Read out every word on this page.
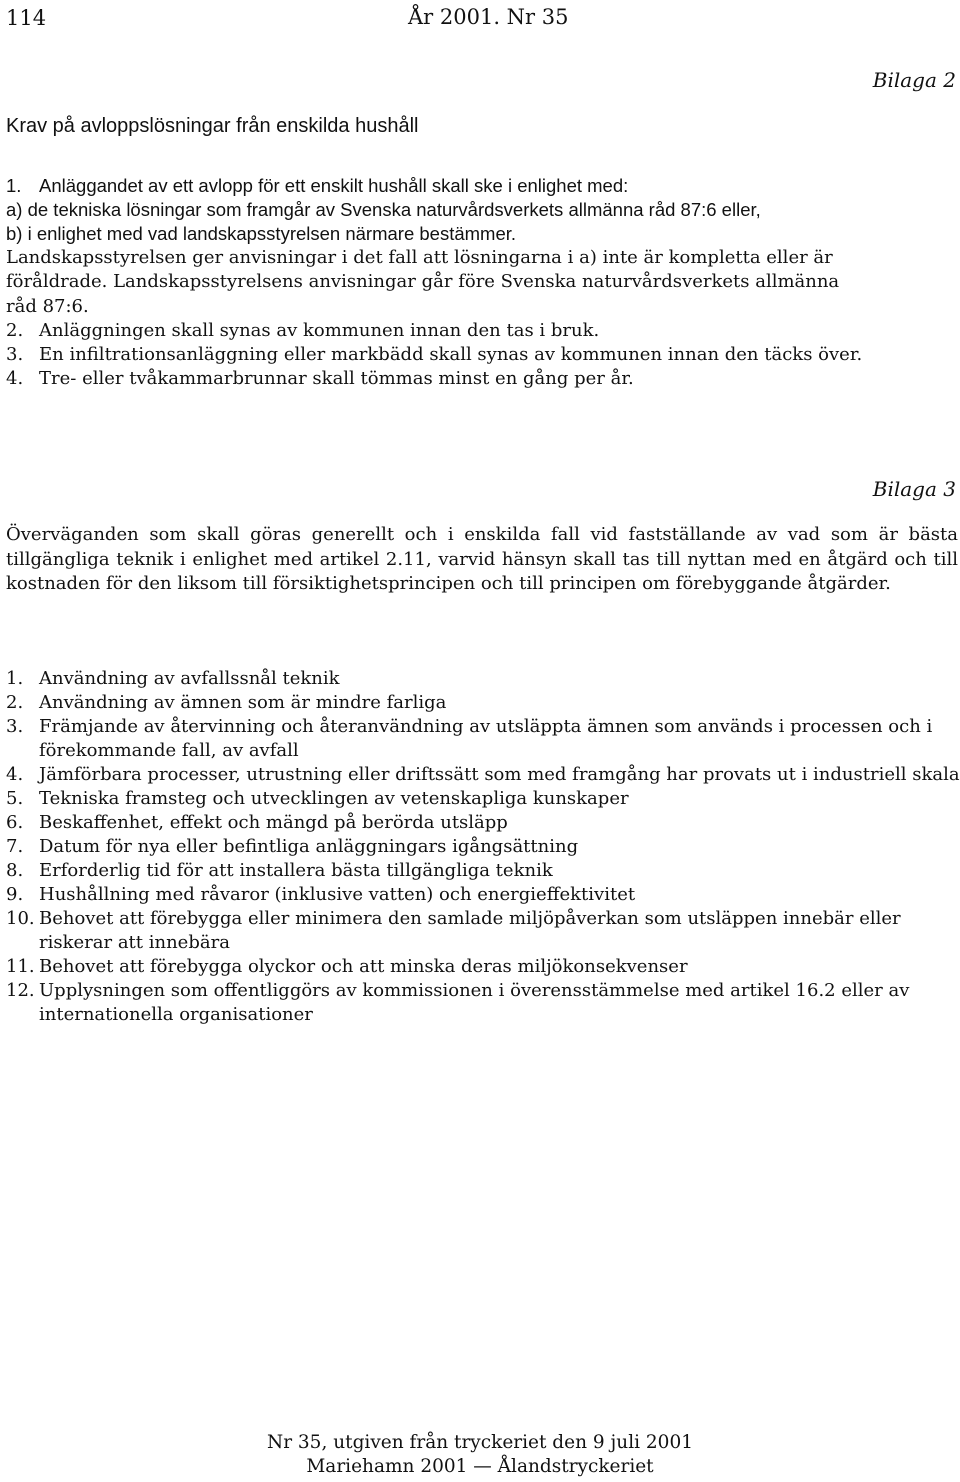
114	År 2001. Nr 35
Bilaga 2
Krav på avloppslösningar från enskilda hushåll
1. Anläggandet av ett avlopp för ett enskilt hushåll skall ske i enlighet med:
a) de tekniska lösningar som framgår av Svenska naturvårdsverkets allmänna råd 87:6 eller,
b) i enlighet med vad landskapsstyrelsen närmare bestämmer.
Landskapsstyrelsen ger anvisningar i det fall att lösningarna i a) inte är kompletta eller är
föråldrade. Landskapsstyrelsens anvisningar går före Svenska naturvårdsverkets allmänna
råd 87:6.
2. Anläggningen skall synas av kommunen innan den tas i bruk.
3. En infiltrationsanläggning eller markbädd skall synas av kommunen innan den täcks över.
4. Tre- eller tvåkammarbrunnar skall tömmas minst en gång per år.
Bilaga 3
Överväganden som skall göras generellt och i enskilda fall vid fastställande av vad som är bästa tillgängliga teknik i enlighet med artikel 2.11, varvid hänsyn skall tas till nyttan med en åtgärd och till kostnaden för den liksom till försiktighetsprincipen och till principen om förebyggande åtgärder.
1. Användning av avfallssnål teknik
2. Användning av ämnen som är mindre farliga
3. Främjande av återvinning och återanvändning av utsläppta ämnen som används i processen och i förekommande fall, av avfall
4. Jämförbara processer, utrustning eller driftssätt som med framgång har provats ut i industriell skala
5. Tekniska framsteg och utvecklingen av vetenskapliga kunskaper
6. Beskaffenhet, effekt och mängd på berörda utsläpp
7. Datum för nya eller befintliga anläggningars igångsättning
8. Erforderlig tid för att installera bästa tillgängliga teknik
9. Hushållning med råvaror (inklusive vatten) och energieffektivitet
10. Behovet att förebygga eller minimera den samlade miljöpåverkan som utsläppen innebär eller riskerar att innebära
11. Behovet att förebygga olyckor och att minska deras miljökonsekvenser
12. Upplysningen som offentliggörs av kommissionen i överensstämmelse med artikel 16.2 eller av internationella organisationer
Nr 35, utgiven från tryckeriet den 9 juli 2001
Mariehamn 2001 — Ålandstryckeriet
